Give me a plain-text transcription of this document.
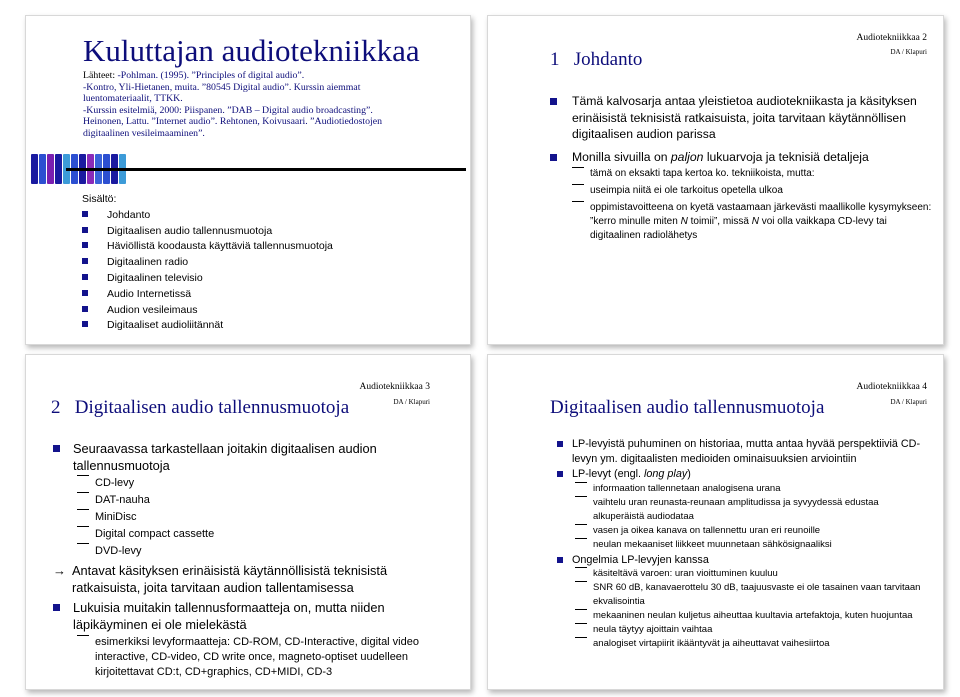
Kuluttajan audiotekniikkaa
Lähteet: -Pohlman. (1995). ”Principles of digital audio”.
-Kontro, Yli-Hietanen, muita. ”80545 Digital audio”. Kurssin aiemmat
luentomateriaalit, TTKK.
-Kurssin esitelmiä, 2000: Piispanen. ”DAB – Digital audio broadcasting”.
Heinonen, Lattu. ”Internet audio”. Rehtonen, Koivusaari. ”Audiotiedostojen
digitaalinen vesileimaaminen”.
Sisältö:
Johdanto
Digitaalisen audio tallennusmuotoja
Häviöllistä koodausta käyttäviä tallennusmuotoja
Digitaalinen radio
Digitaalinen televisio
Audio Internetissä
Audion vesileimaus
Digitaaliset audioliitännät
Audiotekniikkaa 2
DA / Klapuri
1   Johdanto
Tämä kalvosarja antaa yleistietoa audiotekniikasta ja käsityksen erinäisistä teknisistä ratkaisuista, joita tarvitaan käytännöllisen digitaalisen audion parissa
Monilla sivuilla on paljon lukuarvoja ja teknisiä detaljeja
tämä on eksakti tapa kertoa ko. tekniikoista, mutta:
useimpia niitä ei ole tarkoitus opetella ulkoa
oppimistavoitteena on kyetä vastaamaan järkevästi maallikolle kysymykseen: ”kerro minulle miten N toimii”, missä N voi olla vaikkapa CD-levy tai digitaalinen radiolähetys
Audiotekniikkaa 3
DA / Klapuri
2   Digitaalisen audio tallennusmuotoja
Seuraavassa tarkastellaan joitakin digitaalisen audion tallennusmuotoja
CD-levy
DAT-nauha
MiniDisc
Digital compact cassette
DVD-levy
→ Antavat käsityksen erinäisistä käytännöllisistä teknisistä ratkaisuista, joita tarvitaan audion tallentamisessa
Lukuisia muitakin tallennusformaatteja on, mutta niiden läpikäyminen ei ole mielekästä
esimerkiksi levyformaatteja: CD-ROM, CD-Interactive, digital video interactive, CD-video, CD write once, magneto-optiset uudelleen kirjoitettavat CD:t, CD+graphics, CD+MIDI, CD-3
Audiotekniikkaa 4
DA / Klapuri
Digitaalisen audio tallennusmuotoja
LP-levyistä puhuminen on historiaa, mutta antaa hyvää perspektiiviä CD-levyn ym. digitaalisten medioiden ominaisuuksien arviointiin
LP-levyt (engl. long play)
informaation tallennetaan analogisena urana
vaihtelu uran reunasta-reunaan amplitudissa ja syvyydessä edustaa alkuperäistä audiodataa
vasen ja oikea kanava on tallennettu uran eri reunoille
neulan mekaaniset liikkeet muunnetaan sähkösignaaliksi
Ongelmia LP-levyjen kanssa
käsiteltävä varoen: uran vioittuminen kuuluu
SNR 60 dB, kanavaerottelu 30 dB, taajuusvaste ei ole tasainen vaan tarvitaan ekvalisointia
mekaaninen neulan kuljetus aiheuttaa kuultavia artefaktoja, kuten huojuntaa
neula täytyy ajoittain vaihtaa
analogiset virtapiirit ikääntyvät ja aiheuttavat vaihesiirtoa
